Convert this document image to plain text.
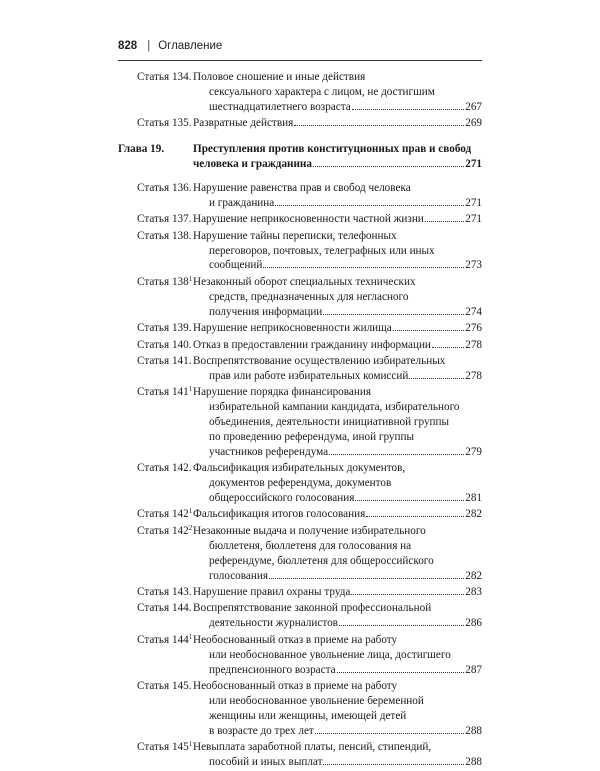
828 | Оглавление
Статья 134. Половое сношение и иные действия
сексуального характера с лицом, не достигшим
шестнадцатилетнего возраста	267
Статья 135. Развратные действия	269
Глава 19.	Преступления против конституционных прав и свобод
человека и гражданина	271
Статья 136. Нарушение равенства прав и свобод человека
и гражданина	271
Статья 137. Нарушение неприкосновенности частной жизни	271
Статья 138. Нарушение тайны переписки, телефонных
переговоров, почтовых, телеграфных или иных
сообщений	273
Статья $138^1$ Незаконный оборот специальных технических
средств, предназначенных для негласного
получения информации	274
Статья 139. Нарушение неприкосновенности жилища	276
Статья 140. Отказ в предоставлении гражданину информации	278
Статья 141. Воспрепятствование осуществлению избирательных
прав или работе избирательных комиссий	278
Статья $141^1$ Нарушение порядка финансирования
избирательной кампании кандидата, избирательного
объединения, деятельности инициативной группы
по проведению референдума, иной группы
участников референдума	279
Статья 142. Фальсификация избирательных документов,
документов референдума, документов
общероссийского голосования	281
Статья $142^1$ Фальсификация итогов голосования	282
Статья $142^2$ Незаконные выдача и получение избирательного
бюллетеня, бюллетеня для голосования на
референдуме, бюллетеня для общероссийского
голосования	282
Статья 143. Нарушение правил охраны труда	283
Статья 144. Воспрепятствование законной профессиональной
деятельности журналистов	286
Статья $144^1$ Необоснованный отказ в приеме на работу
или необоснованное увольнение лица, достигшего
предпенсионного возраста	287
Статья 145. Необоснованный отказ в приеме на работу
или необоснованное увольнение беременной
женщины или женщины, имеющей детей
в возрасте до трех лет	288
Статья $145^1$ Невыплата заработной платы, пенсий, стипендий,
пособий и иных выплат	288
